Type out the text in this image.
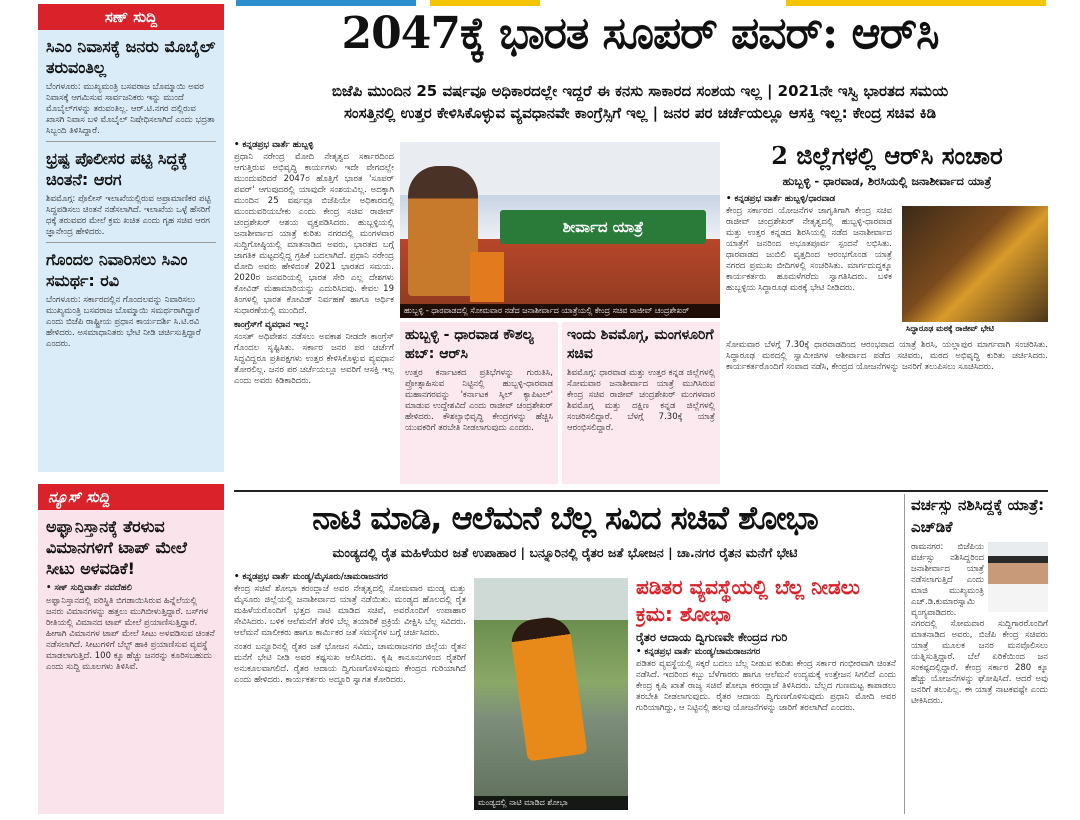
ಸಣ್ ಸುದ್ದಿ
ಸಿಎಂ ನಿವಾಸಕ್ಕೆ ಜನರು ಮೊಬೈಲ್ ತರುವಂತಿಲ್ಲ
ಬೆಂಗಳೂರು: ಮುಖ್ಯಮಂತ್ರಿ ಬಸವರಾಜ ಬೊಮ್ಮಾಯಿ ಅವರ ನಿವಾಸಕ್ಕೆ ಆಗಮಿಸುವ ಸಾರ್ವಜನಿಕರು ಇನ್ನು ಮುಂದೆ ಮೊಬೈಲ್‌ಗಳನ್ನು ತರುವಂತಿಲ್ಲ. ಆರ್.ಟಿ.ನಗರ ದಲ್ಲಿರುವ ಖಾಸಗಿ ನಿವಾಸ ಬಳಿ ಮೊಬೈಲ್ ನಿಷೇಧಿಸಲಾಗಿದೆ ಎಂದು ಭದ್ರತಾ ಸಿಬ್ಬಂದಿ ತಿಳಿಸಿದ್ದಾರೆ.
ಭ್ರಷ್ಟ ಪೊಲೀಸರ ಪಟ್ಟಿ ಸಿದ್ಧಕ್ಕೆ ಚಿಂತನೆ: ಆರಗ
ಶಿವಮೊಗ್ಗ: ಪೊಲೀಸ್ ಇಲಾಖೆಯಲ್ಲಿರುವ ಅಪ್ರಾಮಾಣಿಕರ ಪಟ್ಟಿ ಸಿದ್ಧಪಡಿಸಲು ಚಿಂತನೆ ನಡೆಸಲಾಗಿದೆ. ಇಲಾಖೆಯ ಒಳ್ಳೆ ಹೆಸರಿಗೆ ಧಕ್ಕೆ ತರುವವರ ಮೇಲೆ ಕ್ರಮ ಖಚಿತ ಎಂದು ಗೃಹ ಸಚಿವ ಆರಗ ಜ್ಞಾನೇಂದ್ರ ಹೇಳಿದರು.
ಗೊಂದಲ ನಿವಾರಿಸಲು ಸಿಎಂ ಸಮರ್ಥ: ರವಿ
ಬೆಂಗಳೂರು: ಸರ್ಕಾರದಲ್ಲಿನ ಗೊಂದಲವನ್ನು ನಿವಾರಿಸಲು ಮುಖ್ಯಮಂತ್ರಿ ಬಸವರಾಜ ಬೊಮ್ಮಾಯಿ ಸಮರ್ಥರಾಗಿದ್ದಾರೆ ಎಂದು ಬಿಜೆಪಿ ರಾಷ್ಟ್ರೀಯ ಪ್ರಧಾನ ಕಾರ್ಯದರ್ಶಿ ಸಿ.ಟಿ.ರವಿ ಹೇಳಿದರು. ಅಸಮಾಧಾನಿತರು ಭೇಟಿ ನೀಡಿ ಚರ್ಚಿಸುತ್ತಿದ್ದಾರೆ ಎಂದರು.
ನ್ಯೂಸ್ ಸುದ್ದಿ
ಅಫ್ಘಾನಿಸ್ತಾನಕ್ಕೆ ತೆರಳುವ ವಿಮಾನಗಳಿಗೆ ಟಾಪ್ ಮೇಲೆ ಸೀಟು ಅಳವಡಿಕೆ!
• ಸಣ್ ಸುದ್ದಿವಾರ್ತೆ ನವದೆಹಲಿ
ಅಫ್ಘಾನಿಸ್ತಾನದಲ್ಲಿ ಪರಿಸ್ಥಿತಿ ಬಿಗಡಾಯಿಸಿರುವ ಹಿನ್ನೆಲೆಯಲ್ಲಿ ಜನರು ವಿಮಾನಗಳನ್ನು ಹತ್ತಲು ಮುಗಿಬೀಳುತ್ತಿದ್ದಾರೆ. ಬಸ್‌ಗಳ ರೀತಿಯಲ್ಲಿ ವಿಮಾನದ ಟಾಪ್ ಮೇಲೆ ಪ್ರಯಾಣಿಸುತ್ತಿದ್ದಾರೆ. ಹೀಗಾಗಿ ವಿಮಾನಗಳ ಟಾಪ್ ಮೇಲೆ ಸೀಟು ಅಳವಡಿಸುವ ಚಿಂತನೆ ನಡೆಸಲಾಗಿದೆ. ಸೀಟುಗಳಿಗೆ ಬೆಲ್ಟ್ ಹಾಕಿ ಪ್ರಯಾಣಿಸುವ ವ್ಯವಸ್ಥೆ ಮಾಡಲಾಗುತ್ತಿದೆ. 100 ಕ್ಕೂ ಹೆಚ್ಚು ಜನರನ್ನು ಕೂರಿಸಬಹುದು ಎಂದು ಸುದ್ದಿ ಮೂಲಗಳು ತಿಳಿಸಿವೆ.
2047ಕ್ಕೆ ಭಾರತ ಸೂಪರ್ ಪವರ್: ಆರ್‌ಸಿ
ಬಿಜೆಪಿ ಮುಂದಿನ 25 ವರ್ಷವೂ ಅಧಿಕಾರದಲ್ಲೇ ಇದ್ದರೆ ಈ ಕನಸು ಸಾಕಾರದ ಸಂಶಯ ಇಲ್ಲ | 2021ನೇ ಇಸ್ವಿ ಭಾರತದ ಸಮಯ
ಸಂಸತ್ತಿನಲ್ಲಿ ಉತ್ತರ ಕೇಳಿಸಿಕೊಳ್ಳುವ ವ್ಯವಧಾನವೇ ಕಾಂಗ್ರೆಸ್ಸಿಗೆ ಇಲ್ಲ | ಜನರ ಪರ ಚರ್ಚೆಯಲ್ಲೂ ಆಸಕ್ತಿ ಇಲ್ಲ: ಕೇಂದ್ರ ಸಚಿವ ಕಿಡಿ
• ಕನ್ನಡಪ್ರಭ ವಾರ್ತೆ ಹುಬ್ಬಳ್ಳಿ
ಪ್ರಧಾನಿ ನರೇಂದ್ರ ಮೋದಿ ನೇತೃತ್ವದ ಸರ್ಕಾರದಿಂದ ಆಗುತ್ತಿರುವ ಅಭಿವೃದ್ಧಿ ಕಾರ್ಯಗಳು ಇದೇ ವೇಗದಲ್ಲೇ ಮುಂದುವರಿದರೆ 2047ರ ಹೊತ್ತಿಗೆ ಭಾರತ 'ಸೂಪರ್ ಪವರ್' ಆಗುವುದರಲ್ಲಿ ಯಾವುದೇ ಸಂಶಯವಿಲ್ಲ. ಅದಕ್ಕಾಗಿ ಮುಂದಿನ 25 ವರ್ಷವೂ ಬಿಜೆಪಿಯೇ ಅಧಿಕಾರದಲ್ಲಿ ಮುಂದುವರಿಯಬೇಕು ಎಂದು ಕೇಂದ್ರ ಸಚಿವ ರಾಜೀವ್ ಚಂದ್ರಶೇಖರ್ ಆಶಯ ವ್ಯಕ್ತಪಡಿಸಿದರು. ಹುಬ್ಬಳ್ಳಿಯಲ್ಲಿ ಜನಾಶೀರ್ವಾದ ಯಾತ್ರೆ ಕುರಿತು ನಗರದಲ್ಲಿ ಮಂಗಳವಾರ ಸುದ್ದಿಗೋಷ್ಠಿಯಲ್ಲಿ ಮಾತನಾಡಿದ ಅವರು, ಭಾರತದ ಬಗ್ಗೆ ಜಾಗತಿಕ ಮಟ್ಟದಲ್ಲಿದ್ದ ಗ್ರಹಿಕೆ ಬದಲಾಗಿದೆ. ಪ್ರಧಾನಿ ನರೇಂದ್ರ ಮೋದಿ ಅವರು ಹೇಳಿದಂತೆ 2021 ಭಾರತದ ಸಮಯ. 2020ರ ಜನವರಿಯಲ್ಲಿ ಭಾರತ ಸೇರಿ ಎಲ್ಲ ದೇಶಗಳು ಕೋವಿಡ್ ಮಹಾಮಾರಿಯನ್ನು ಎದುರಿಸಿದವು. ಕೇವಲ 19 ತಿಂಗಳಲ್ಲಿ ಭಾರತ ಕೋವಿಡ್ ನಿರ್ವಹಣೆ ಹಾಗೂ ಆರ್ಥಿಕ ಸುಧಾರಣೆಯಲ್ಲಿ ಮುಂದಿದೆ.
ಕಾಂಗ್ರೆಸ್‌ಗೆ ವ್ಯವಧಾನ ಇಲ್ಲ:
ಸಂಸತ್ ಅಧಿವೇಶನ ನಡೆಸಲು ಅವಕಾಶ ನೀಡದೇ ಕಾಂಗ್ರೆಸ್ ಗೊಂದಲ ಸೃಷ್ಟಿಸಿತು. ಸರ್ಕಾರ ಜನರ ಪರ ಚರ್ಚೆಗೆ ಸಿದ್ಧವಿದ್ದರೂ ಪ್ರತಿಪಕ್ಷಗಳು ಉತ್ತರ ಕೇಳಿಸಿಕೊಳ್ಳುವ ವ್ಯವಧಾನ ತೋರಲಿಲ್ಲ. ಜನರ ಪರ ಚರ್ಚೆಯಲ್ಲೂ ಅವರಿಗೆ ಆಸಕ್ತಿ ಇಲ್ಲ ಎಂದು ಅವರು ಕಿಡಿಕಾರಿದರು.
ಶೀರ್ವಾದ ಯಾತ್ರೆ
ಹುಬ್ಬಳ್ಳಿ - ಧಾರವಾಡದಲ್ಲಿ ಸೋಮವಾರ ನಡೆದ ಜನಾಶೀರ್ವಾದ ಯಾತ್ರೆಯಲ್ಲಿ ಕೇಂದ್ರ ಸಚಿವ ರಾಜೀವ್ ಚಂದ್ರಶೇಖರ್
2 ಜಿಲ್ಲೆಗಳಲ್ಲಿ ಆರ್‌ಸಿ ಸಂಚಾರ
ಹುಬ್ಬಳ್ಳಿ - ಧಾರವಾಡ, ಶಿರಸಿಯಲ್ಲಿ ಜನಾಶೀರ್ವಾದ ಯಾತ್ರೆ
• ಕನ್ನಡಪ್ರಭ ವಾರ್ತೆ ಹುಬ್ಬಳ್ಳಿ/ಧಾರವಾಡ
ಕೇಂದ್ರ ಸರ್ಕಾರದ ಯೋಜನೆಗಳ ಜಾಗೃತಿಗಾಗಿ ಕೇಂದ್ರ ಸಚಿವ ರಾಜೀವ್ ಚಂದ್ರಶೇಖರ್ ನೇತೃತ್ವದಲ್ಲಿ ಹುಬ್ಬಳ್ಳಿ-ಧಾರವಾಡ ಮತ್ತು ಉತ್ತರ ಕನ್ನಡದ ಶಿರಸಿಯಲ್ಲಿ ನಡೆದ ಜನಾಶೀರ್ವಾದ ಯಾತ್ರೆಗೆ ಜನರಿಂದ ಅಭೂತಪೂರ್ವ ಸ್ಪಂದನೆ ಲಭಿಸಿತು. ಧಾರವಾಡದ ಜುಬಿಲಿ ವೃತ್ತದಿಂದ ಆರಂಭಗೊಂಡ ಯಾತ್ರೆ ನಗರದ ಪ್ರಮುಖ ಬೀದಿಗಳಲ್ಲಿ ಸಂಚರಿಸಿತು. ಮಾರ್ಗದುದ್ದಕ್ಕೂ ಕಾರ್ಯಕರ್ತರು ಹೂಮಳೆಗರೆದು ಸ್ವಾಗತಿಸಿದರು. ಬಳಿಕ ಹುಬ್ಬಳ್ಳಿಯ ಸಿದ್ಧಾರೂಢ ಮಠಕ್ಕೆ ಭೇಟಿ ನೀಡಿದರು.
ಸಿದ್ಧಾರೂಢ ಮಠಕ್ಕೆ ರಾಜೀವ್ ಭೇಟಿ
ಸೋಮವಾರ ಬೆಳಗ್ಗೆ 7.30ಕ್ಕೆ ಧಾರವಾಡದಿಂದ ಆರಂಭವಾದ ಯಾತ್ರೆ ಶಿರಸಿ, ಯಲ್ಲಾಪುರ ಮಾರ್ಗವಾಗಿ ಸಂಚರಿಸಿತು. ಸಿದ್ಧಾರೂಢ ಮಠದಲ್ಲಿ ಸ್ವಾಮೀಜಿಗಳ ಆಶೀರ್ವಾದ ಪಡೆದ ಸಚಿವರು, ಮಠದ ಅಭಿವೃದ್ಧಿ ಕುರಿತು ಚರ್ಚಿಸಿದರು. ಕಾರ್ಯಕರ್ತರೊಂದಿಗೆ ಸಂವಾದ ನಡೆಸಿ, ಕೇಂದ್ರದ ಯೋಜನೆಗಳನ್ನು ಜನರಿಗೆ ತಲುಪಿಸಲು ಸೂಚಿಸಿದರು.
ಹುಬ್ಬಳ್ಳಿ - ಧಾರವಾಡ ಕೌಶಲ್ಯ ಹಬ್: ಆರ್‌ಸಿ
ಉತ್ತರ ಕರ್ನಾಟಕದ ಪ್ರತಿಭೆಗಳನ್ನು ಗುರುತಿಸಿ, ಪ್ರೋತ್ಸಾಹಿಸುವ ನಿಟ್ಟಿನಲ್ಲಿ ಹುಬ್ಬಳ್ಳಿ-ಧಾರವಾಡ ಮಹಾನಗರವನ್ನು 'ಕರ್ನಾಟಕ ಸ್ಕಿಲ್ ಕ್ಯಾಪಿಟಲ್' ಮಾಡುವ ಉದ್ದೇಶವಿದೆ ಎಂದು ರಾಜೀವ್ ಚಂದ್ರಶೇಖರ್ ಹೇಳಿದರು. ಕೌಶಲ್ಯಾಭಿವೃದ್ಧಿ ಕೇಂದ್ರಗಳನ್ನು ಹೆಚ್ಚಿಸಿ ಯುವಕರಿಗೆ ತರಬೇತಿ ನೀಡಲಾಗುವುದು ಎಂದರು.
ಇಂದು ಶಿವಮೊಗ್ಗ, ಮಂಗಳೂರಿಗೆ ಸಚಿವ
ಶಿವಮೊಗ್ಗ: ಧಾರವಾಡ ಮತ್ತು ಉತ್ತರ ಕನ್ನಡ ಜಿಲ್ಲೆಗಳಲ್ಲಿ ಸೋಮವಾರ ಜನಾಶೀರ್ವಾದ ಯಾತ್ರೆ ಮುಗಿಸಿರುವ ಕೇಂದ್ರ ಸಚಿವ ರಾಜೀವ್ ಚಂದ್ರಶೇಖರ್ ಮಂಗಳವಾರ ಶಿವಮೊಗ್ಗ ಮತ್ತು ದಕ್ಷಿಣ ಕನ್ನಡ ಜಿಲ್ಲೆಗಳಲ್ಲಿ ಸಂಚರಿಸಲಿದ್ದಾರೆ. ಬೆಳಗ್ಗೆ 7.30ಕ್ಕೆ ಯಾತ್ರೆ ಆರಂಭಿಸಲಿದ್ದಾರೆ.
ನಾಟಿ ಮಾಡಿ, ಆಲೆಮನೆ ಬೆಲ್ಲ ಸವಿದ ಸಚಿವೆ ಶೋಭಾ
ಮಂಡ್ಯದಲ್ಲಿ ರೈತ ಮಹಿಳೆಯರ ಜತೆ ಉಪಾಹಾರ | ಬನ್ನೂರಿನಲ್ಲಿ ರೈತರ ಜತೆ ಭೋಜನ | ಚಾ.ನಗರ ರೈತನ ಮನೆಗೆ ಭೇಟಿ
• ಕನ್ನಡಪ್ರಭ ವಾರ್ತೆ ಮಂಡ್ಯ/ಮೈಸೂರು/ಚಾಮರಾಜನಗರ
ಕೇಂದ್ರ ಸಚಿವೆ ಶೋಭಾ ಕರಂದ್ಲಾಜೆ ಅವರ ನೇತೃತ್ವದಲ್ಲಿ ಸೋಮವಾರ ಮಂಡ್ಯ ಮತ್ತು ಮೈಸೂರು ಜಿಲ್ಲೆಯಲ್ಲಿ ಜನಾಶೀರ್ವಾದ ಯಾತ್ರೆ ನಡೆಯಿತು. ಮಂಡ್ಯದ ಹೊಲದಲ್ಲಿ ರೈತ ಮಹಿಳೆಯರೊಂದಿಗೆ ಭತ್ತದ ನಾಟಿ ಮಾಡಿದ ಸಚಿವೆ, ಅವರೊಂದಿಗೆ ಉಪಾಹಾರ ಸೇವಿಸಿದರು. ಬಳಿಕ ಆಲೆಮನೆಗೆ ತೆರಳಿ ಬೆಲ್ಲ ತಯಾರಿಕೆ ಪ್ರಕ್ರಿಯೆ ವೀಕ್ಷಿಸಿ ಬೆಲ್ಲ ಸವಿದರು. ಆಲೆಮನೆ ಮಾಲೀಕರು ಹಾಗೂ ಕಾರ್ಮಿಕರ ಜತೆ ಸಮಸ್ಯೆಗಳ ಬಗ್ಗೆ ಚರ್ಚಿಸಿದರು.
ನಂತರ ಬನ್ನೂರಿನಲ್ಲಿ ರೈತರ ಜತೆ ಭೋಜನ ಸವಿದು, ಚಾಮರಾಜನಗರ ಜಿಲ್ಲೆಯ ರೈತನ ಮನೆಗೆ ಭೇಟಿ ನೀಡಿ ಅವರ ಕಷ್ಟಸುಖ ಆಲಿಸಿದರು. ಕೃಷಿ ಕಾನೂನುಗಳಿಂದ ರೈತರಿಗೆ ಅನುಕೂಲವಾಗಲಿದೆ. ರೈತರ ಆದಾಯ ದ್ವಿಗುಣಗೊಳಿಸುವುದು ಕೇಂದ್ರದ ಗುರಿಯಾಗಿದೆ ಎಂದು ಹೇಳಿದರು. ಕಾರ್ಯಕರ್ತರು ಅದ್ದೂರಿ ಸ್ವಾಗತ ಕೋರಿದರು.
ಮಂಡ್ಯದಲ್ಲಿ ನಾಟಿ ಮಾಡಿದ ಶೋಭಾ
ಪಡಿತರ ವ್ಯವಸ್ಥೆಯಲ್ಲಿ ಬೆಲ್ಲ ನೀಡಲು ಕ್ರಮ: ಶೋಭಾ
ರೈತರ ಆದಾಯ ದ್ವಿಗುಣವೇ ಕೇಂದ್ರದ ಗುರಿ
• ಕನ್ನಡಪ್ರಭ ವಾರ್ತೆ ಮಂಡ್ಯ/ಚಾಮರಾಜನಗರ
ಪಡಿತರ ವ್ಯವಸ್ಥೆಯಲ್ಲಿ ಸಕ್ಕರೆ ಬದಲು ಬೆಲ್ಲ ನೀಡುವ ಕುರಿತು ಕೇಂದ್ರ ಸರ್ಕಾರ ಗಂಭೀರವಾಗಿ ಚಿಂತನೆ ನಡೆಸಿದೆ. ಇದರಿಂದ ಕಬ್ಬು ಬೆಳೆಗಾರರು ಹಾಗೂ ಆಲೆಮನೆ ಉದ್ಯಮಕ್ಕೆ ಉತ್ತೇಜನ ಸಿಗಲಿದೆ ಎಂದು ಕೇಂದ್ರ ಕೃಷಿ ಖಾತೆ ರಾಜ್ಯ ಸಚಿವೆ ಶೋಭಾ ಕರಂದ್ಲಾಜೆ ತಿಳಿಸಿದರು. ಬೆಲ್ಲದ ಗುಣಮಟ್ಟ ಕಾಪಾಡಲು ತರಬೇತಿ ನೀಡಲಾಗುವುದು. ರೈತರ ಆದಾಯ ದ್ವಿಗುಣಗೊಳಿಸುವುದು ಪ್ರಧಾನಿ ಮೋದಿ ಅವರ ಗುರಿಯಾಗಿದ್ದು, ಆ ನಿಟ್ಟಿನಲ್ಲಿ ಹಲವು ಯೋಜನೆಗಳನ್ನು ಜಾರಿಗೆ ತರಲಾಗಿದೆ ಎಂದರು.
ವರ್ಚಸ್ಸು ನಶಿಸಿದ್ದಕ್ಕೆ ಯಾತ್ರೆ: ಎಚ್‌ಡಿಕೆ
ರಾಮನಗರ: ಬಿಜೆಪಿಯ ವರ್ಚಸ್ಸು ನಶಿಸಿದ್ದರಿಂದ ಜನಾಶೀರ್ವಾದ ಯಾತ್ರೆ ನಡೆಸಲಾಗುತ್ತಿದೆ ಎಂದು ಮಾಜಿ ಮುಖ್ಯಮಂತ್ರಿ ಎಚ್.ಡಿ.ಕುಮಾರಸ್ವಾಮಿ ವ್ಯಂಗ್ಯವಾಡಿದರು. ನಗರದಲ್ಲಿ ಸೋಮವಾರ ಸುದ್ದಿಗಾರರೊಂದಿಗೆ ಮಾತನಾಡಿದ ಅವರು, ಬಿಜೆಪಿ ಕೇಂದ್ರ ಸಚಿವರು ಯಾತ್ರೆ ಮೂಲಕ ಜನರ ಮನವೊಲಿಸಲು ಯತ್ನಿಸುತ್ತಿದ್ದಾರೆ. ಬೆಲೆ ಏರಿಕೆಯಿಂದ ಜನ ಸಂಕಷ್ಟದಲ್ಲಿದ್ದಾರೆ. ಕೇಂದ್ರ ಸರ್ಕಾರ 280 ಕ್ಕೂ ಹೆಚ್ಚು ಯೋಜನೆಗಳನ್ನು ಘೋಷಿಸಿದೆ. ಆದರೆ ಅವು ಜನರಿಗೆ ತಲುಪಿಲ್ಲ. ಈ ಯಾತ್ರೆ ನಾಟಕವಷ್ಟೇ ಎಂದು ಟೀಕಿಸಿದರು.
